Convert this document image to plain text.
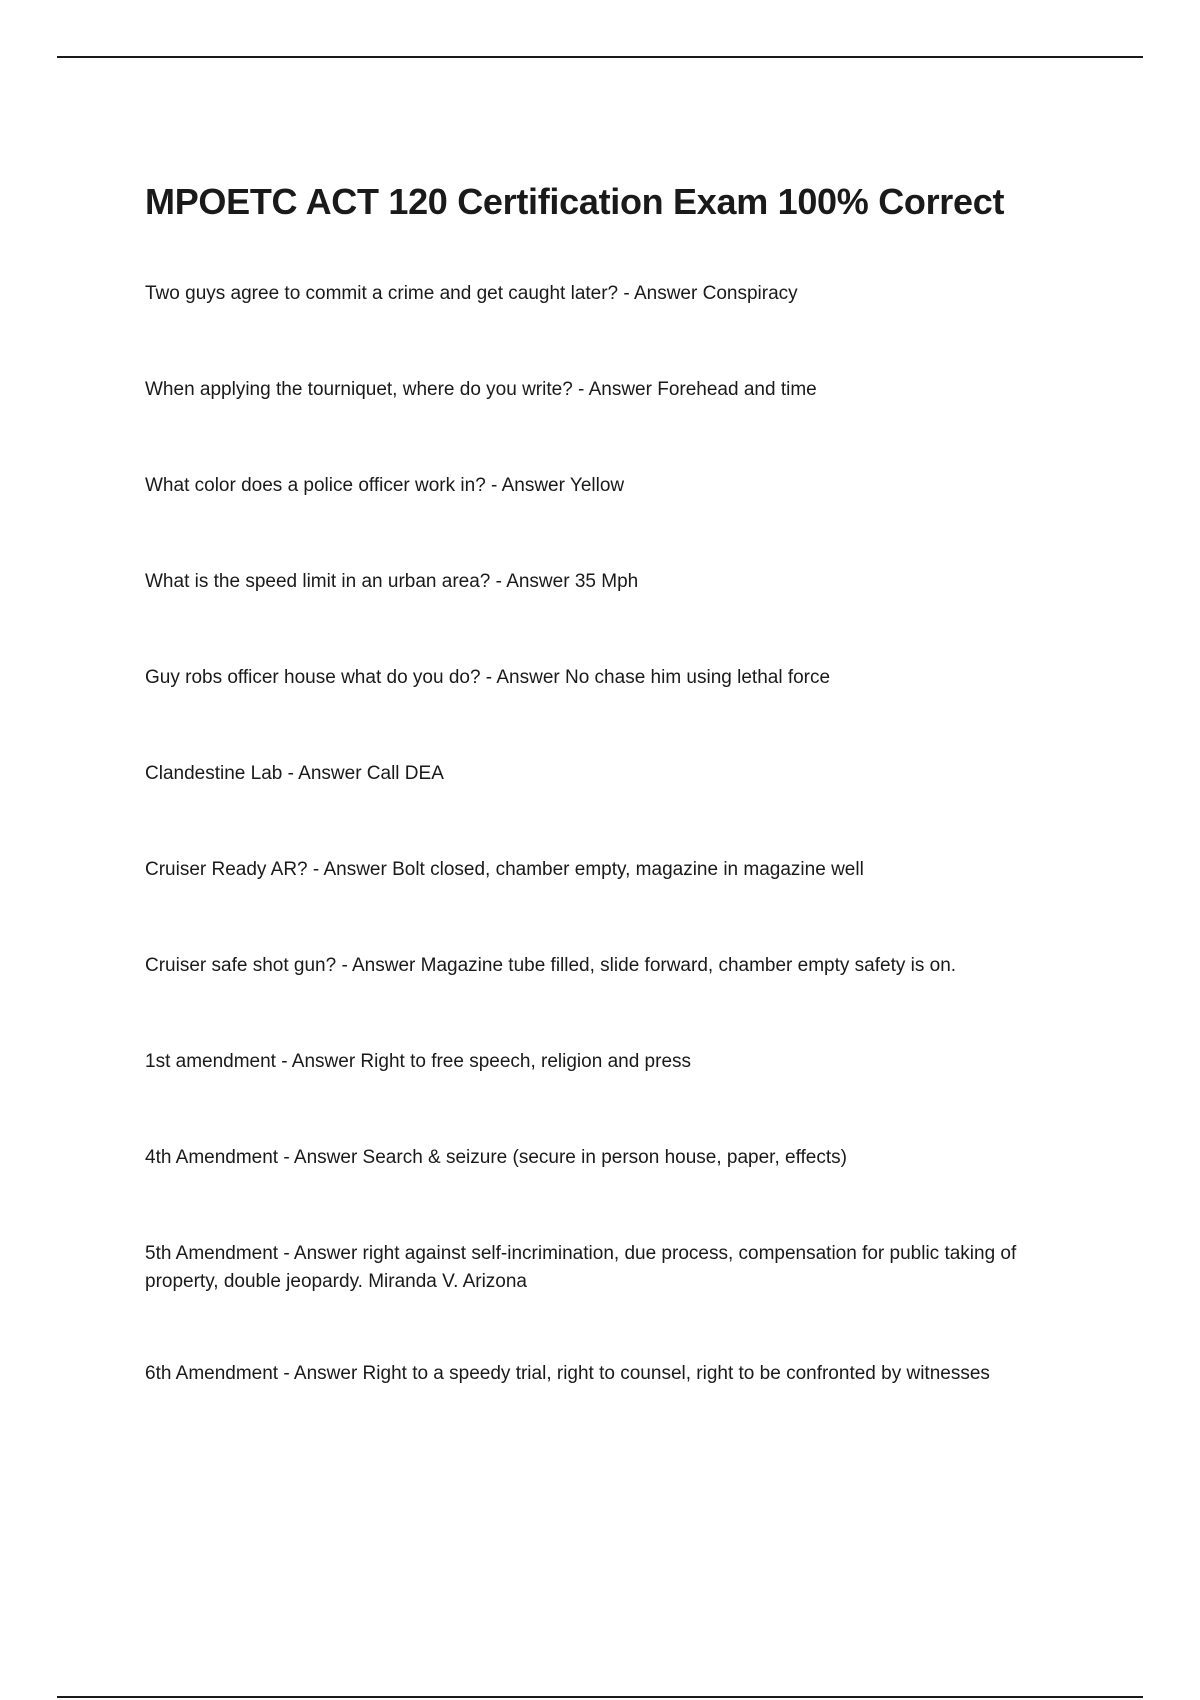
MPOETC ACT 120 Certification Exam 100% Correct
Two guys agree to commit a crime and get caught later? - Answer Conspiracy
When applying the tourniquet, where do you write? - Answer Forehead and time
What color does a police officer work in? - Answer Yellow
What is the speed limit in an urban area? - Answer 35 Mph
Guy robs officer house what do you do? - Answer No chase him using lethal force
Clandestine Lab - Answer Call DEA
Cruiser Ready AR? - Answer Bolt closed, chamber empty, magazine in magazine well
Cruiser safe shot gun? - Answer Magazine tube filled, slide forward, chamber empty safety is on.
1st amendment - Answer Right to free speech, religion and press
4th Amendment - Answer Search & seizure (secure in person house, paper, effects)
5th Amendment - Answer right against self-incrimination, due process, compensation for public taking of property, double jeopardy. Miranda V. Arizona
6th Amendment - Answer Right to a speedy trial, right to counsel, right to be confronted by witnesses
